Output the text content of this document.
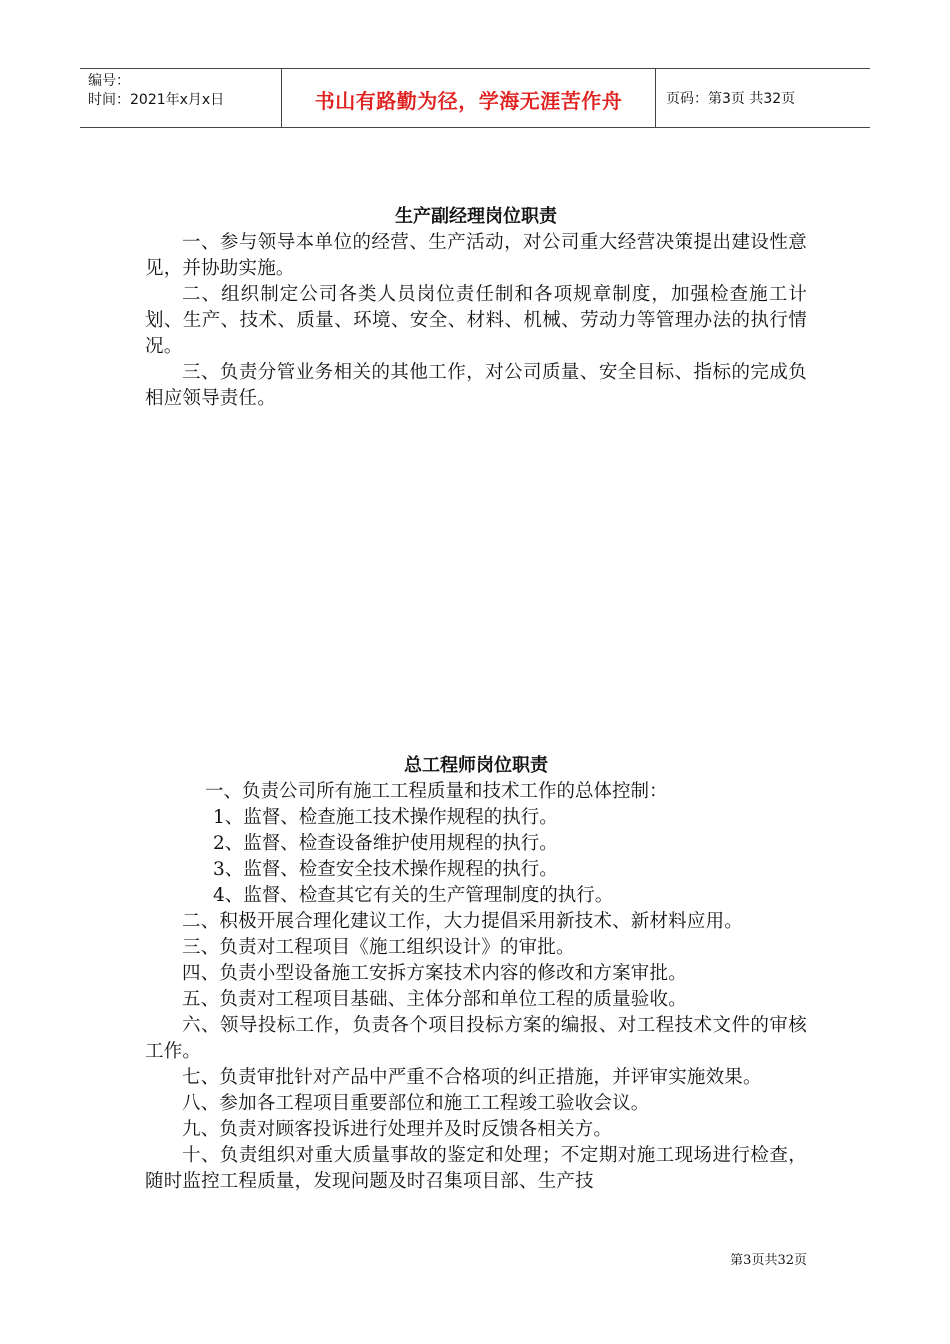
编号：
时间：2021年x月x日	书山有路勤为径，学海无涯苦作舟	页码：第3页 共32页

生产副经理岗位职责

一、参与领导本单位的经营、生产活动，对公司重大经营决策提出建设性意见，并协助实施。

二、组织制定公司各类人员岗位责任制和各项规章制度，加强检查施工计划、生产、技术、质量、环境、安全、材料、机械、劳动力等管理办法的执行情况。

三、负责分管业务相关的其他工作，对公司质量、安全目标、指标的完成负相应领导责任。

总工程师岗位职责

一、负责公司所有施工工程质量和技术工作的总体控制：

1、监督、检查施工技术操作规程的执行。

2、监督、检查设备维护使用规程的执行。

3、监督、检查安全技术操作规程的执行。

4、监督、检查其它有关的生产管理制度的执行。

二、积极开展合理化建议工作，大力提倡采用新技术、新材料应用。

三、负责对工程项目《施工组织设计》的审批。

四、负责小型设备施工安拆方案技术内容的修改和方案审批。

五、负责对工程项目基础、主体分部和单位工程的质量验收。

六、领导投标工作，负责各个项目投标方案的编报、对工程技术文件的审核工作。

七、负责审批针对产品中严重不合格项的纠正措施，并评审实施效果。

八、参加各工程项目重要部位和施工工程竣工验收会议。

九、负责对顾客投诉进行处理并及时反馈各相关方。

十、负责组织对重大质量事故的鉴定和处理；不定期对施工现场进行检查，随时监控工程质量，发现问题及时召集项目部、生产技

第3页共32页
